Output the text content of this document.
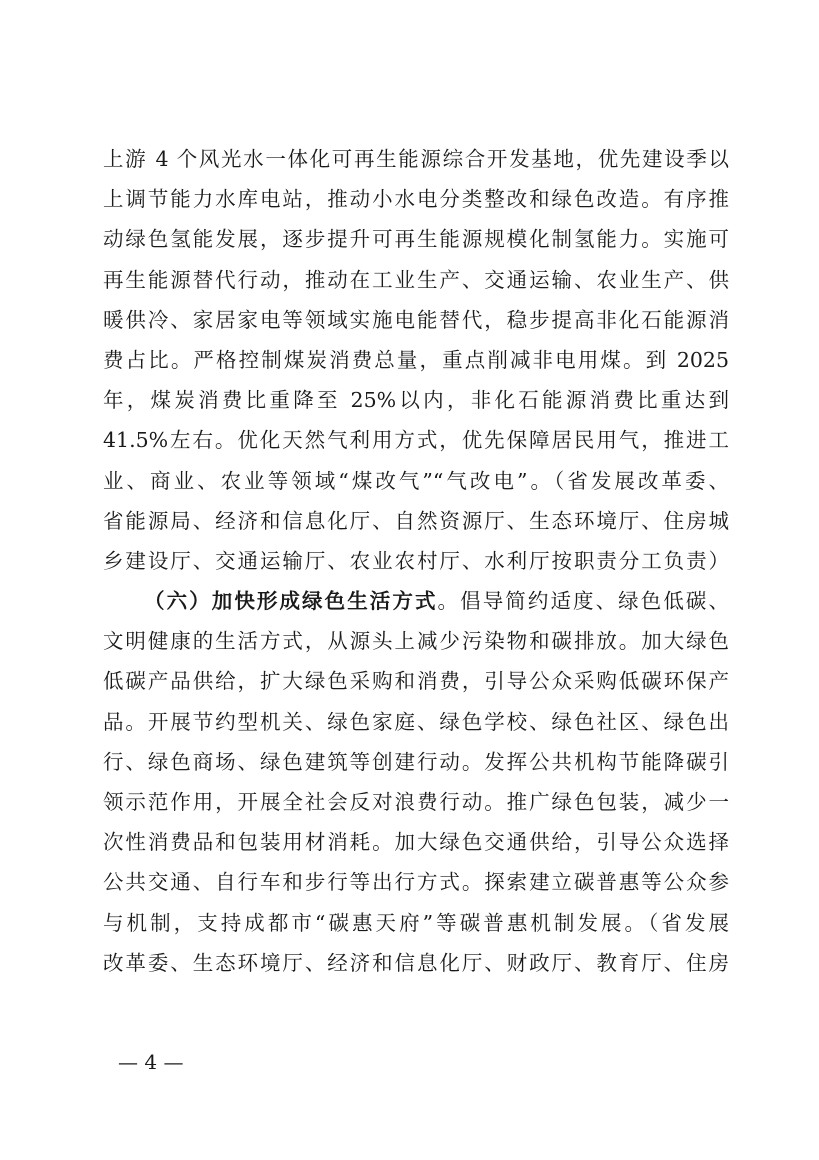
上游 4 个风光水一体化可再生能源综合开发基地，优先建设季以
上调节能力水库电站，推动小水电分类整改和绿色改造。有序推
动绿色氢能发展，逐步提升可再生能源规模化制氢能力。实施可
再生能源替代行动，推动在工业生产、交通运输、农业生产、供
暖供冷、家居家电等领域实施电能替代，稳步提高非化石能源消
费占比。严格控制煤炭消费总量，重点削减非电用煤。到 2025
年，煤炭消费比重降至 25%以内，非化石能源消费比重达到
41.5%左右。优化天然气利用方式，优先保障居民用气，推进工
业、商业、农业等领域“煤改气”“气改电”。（省发展改革委、
省能源局、经济和信息化厅、自然资源厅、生态环境厅、住房城
乡建设厅、交通运输厅、农业农村厅、水利厅按职责分工负责）
（六）加快形成绿色生活方式。倡导简约适度、绿色低碳、
文明健康的生活方式，从源头上减少污染物和碳排放。加大绿色
低碳产品供给，扩大绿色采购和消费，引导公众采购低碳环保产
品。开展节约型机关、绿色家庭、绿色学校、绿色社区、绿色出
行、绿色商场、绿色建筑等创建行动。发挥公共机构节能降碳引
领示范作用，开展全社会反对浪费行动。推广绿色包装，减少一
次性消费品和包装用材消耗。加大绿色交通供给，引导公众选择
公共交通、自行车和步行等出行方式。探索建立碳普惠等公众参
与机制，支持成都市“碳惠天府”等碳普惠机制发展。（省发展
改革委、生态环境厅、经济和信息化厅、财政厅、教育厅、住房
— 4 —
